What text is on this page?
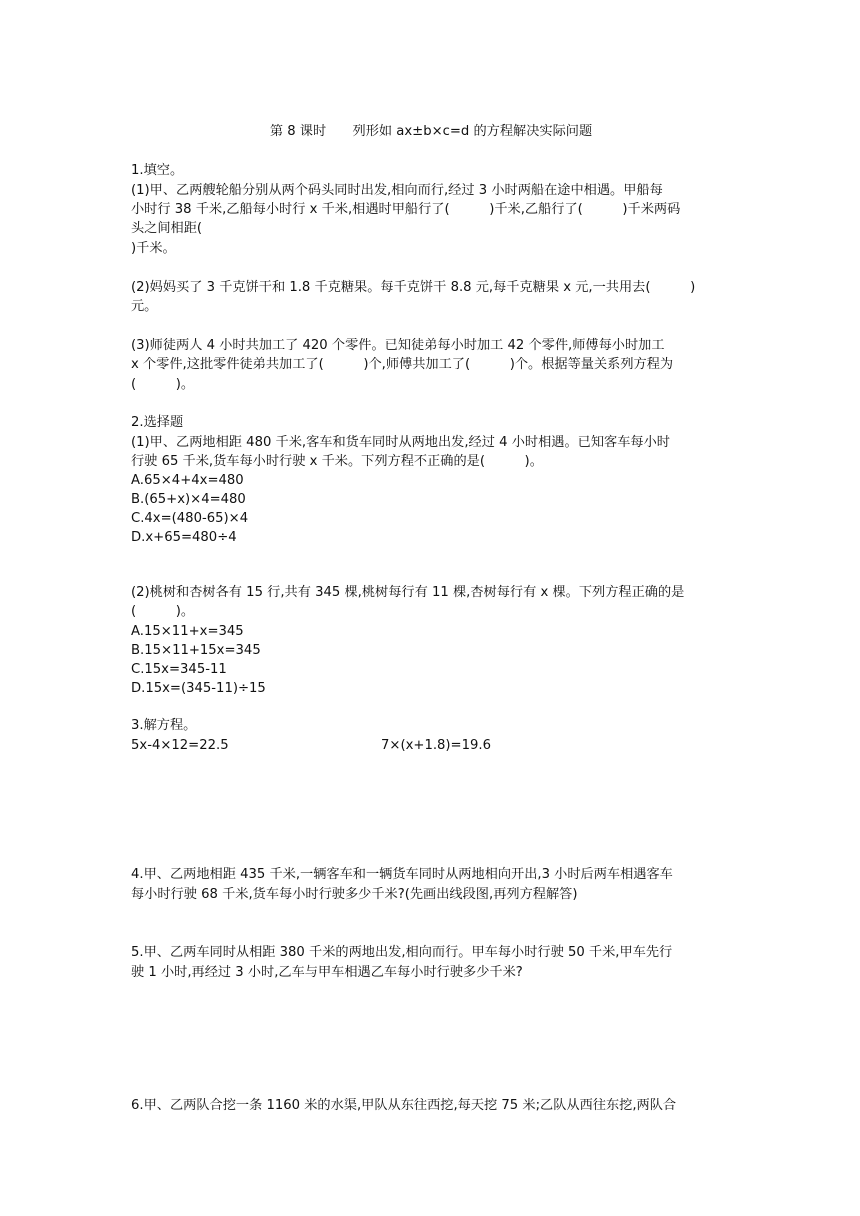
第 8 课时　　列形如 ax±b×c=d 的方程解决实际问题
1.填空。
(1)甲、乙两艘轮船分别从两个码头同时出发,相向而行,经过 3 小时两船在途中相遇。甲船每
小时行 38 千米,乙船每小时行 x 千米,相遇时甲船行了(　　　)千米,乙船行了(　　　)千米两码
头之间相距(
)千米。
(2)妈妈买了 3 千克饼干和 1.8 千克糖果。每千克饼干 8.8 元,每千克糖果 x 元,一共用去(　　　)
元。
(3)师徒两人 4 小时共加工了 420 个零件。已知徒弟每小时加工 42 个零件,师傅每小时加工
x 个零件,这批零件徒弟共加工了(　　　)个,师傅共加工了(　　　)个。根据等量关系列方程为
(　　　)。
2.选择题
(1)甲、乙两地相距 480 千米,客车和货车同时从两地出发,经过 4 小时相遇。已知客车每小时
行驶 65 千米,货车每小时行驶 x 千米。下列方程不正确的是(　　　)。
A.65×4+4x=480
B.(65+x)×4=480
C.4x=(480-65)×4
D.x+65=480÷4
(2)桃树和杏树各有 15 行,共有 345 棵,桃树每行有 11 棵,杏树每行有 x 棵。下列方程正确的是
(　　　)。
A.15×11+x=345
B.15×11+15x=345
C.15x=345-11
D.15x=(345-11)÷15
3.解方程。
5x-4×12=22.5	7×(x+1.8)=19.6
4.甲、乙两地相距 435 千米,一辆客车和一辆货车同时从两地相向开出,3 小时后两车相遇客车
每小时行驶 68 千米,货车每小时行驶多少千米?(先画出线段图,再列方程解答)
5.甲、乙两车同时从相距 380 千米的两地出发,相向而行。甲车每小时行驶 50 千米,甲车先行
驶 1 小时,再经过 3 小时,乙车与甲车相遇乙车每小时行驶多少千米?
6.甲、乙两队合挖一条 1160 米的水渠,甲队从东往西挖,每天挖 75 米;乙队从西往东挖,两队合
